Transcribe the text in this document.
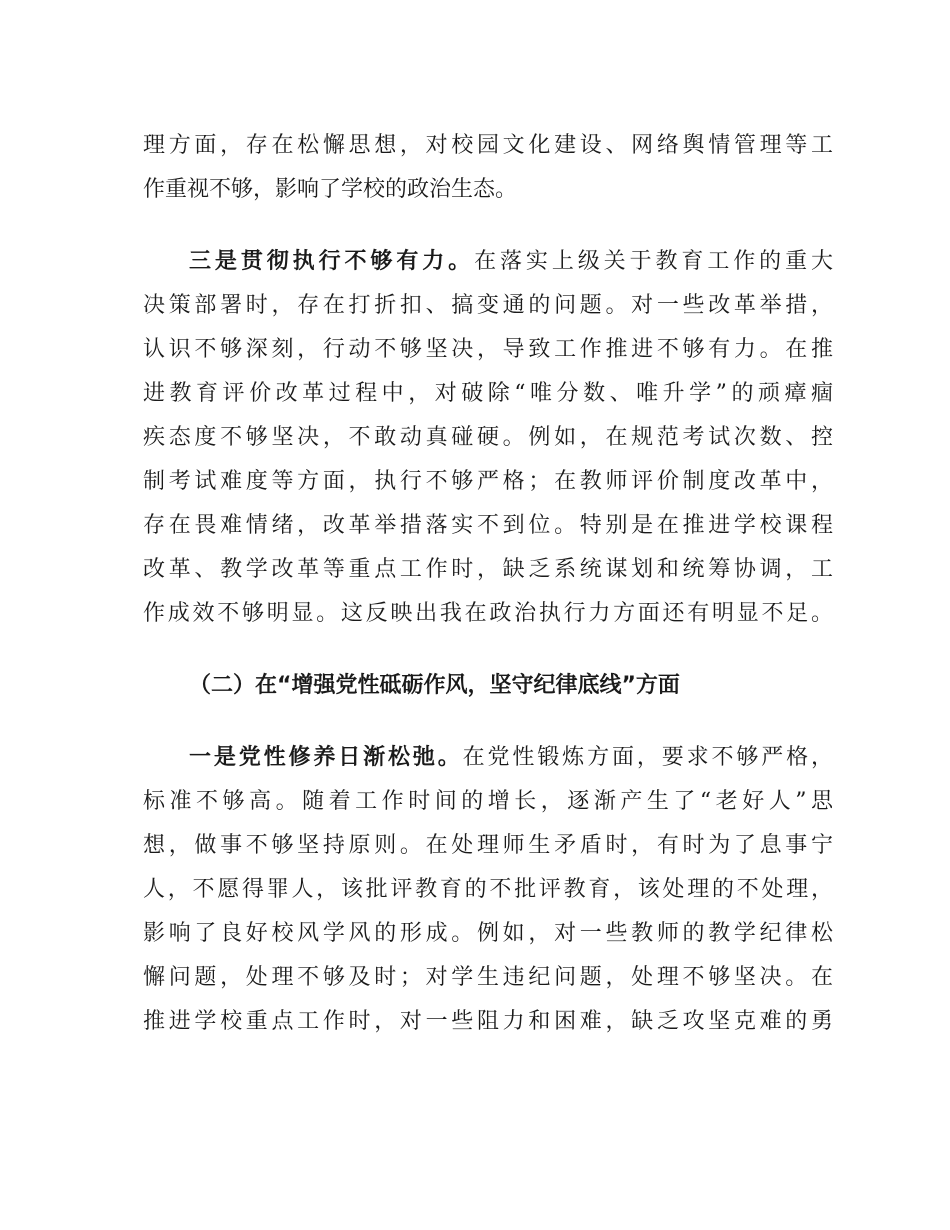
理方面，存在松懈思想，对校园文化建设、网络舆情管理等工
作重视不够，影响了学校的政治生态。
三是贯彻执行不够有力。在落实上级关于教育工作的重大
决策部署时，存在打折扣、搞变通的问题。对一些改革举措，
认识不够深刻，行动不够坚决，导致工作推进不够有力。在推
进教育评价改革过程中，对破除“唯分数、唯升学”的顽瘴痼
疾态度不够坚决，不敢动真碰硬。例如，在规范考试次数、控
制考试难度等方面，执行不够严格；在教师评价制度改革中，
存在畏难情绪，改革举措落实不到位。特别是在推进学校课程
改革、教学改革等重点工作时，缺乏系统谋划和统筹协调，工
作成效不够明显。这反映出我在政治执行力方面还有明显不足。
（二）在“增强党性砥砺作风，坚守纪律底线”方面
一是党性修养日渐松弛。在党性锻炼方面，要求不够严格，
标准不够高。随着工作时间的增长，逐渐产生了“老好人”思
想，做事不够坚持原则。在处理师生矛盾时，有时为了息事宁
人，不愿得罪人，该批评教育的不批评教育，该处理的不处理，
影响了良好校风学风的形成。例如，对一些教师的教学纪律松
懈问题，处理不够及时；对学生违纪问题，处理不够坚决。在
推进学校重点工作时，对一些阻力和困难，缺乏攻坚克难的勇
